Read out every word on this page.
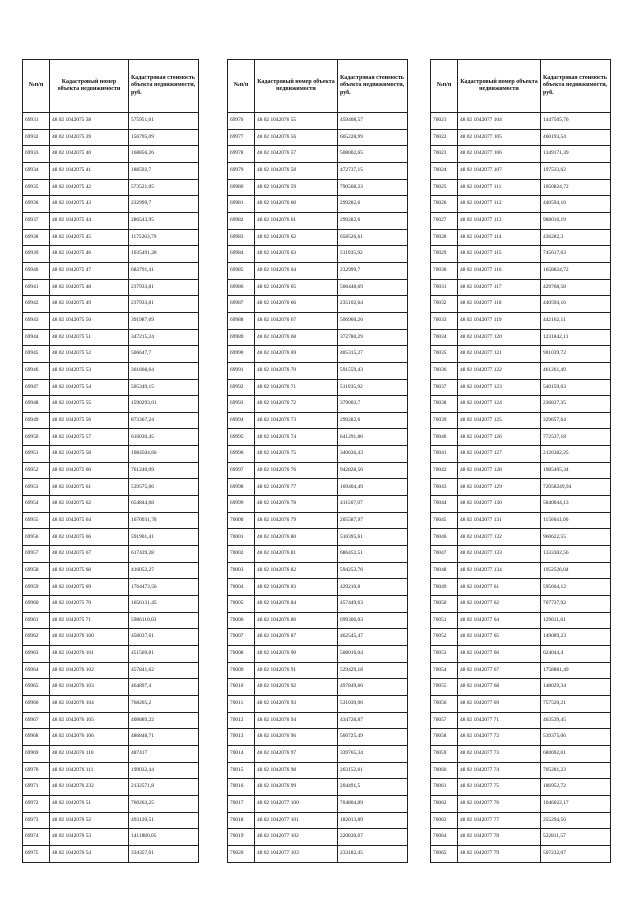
№п/п	Кадастровый номер объекта недвижимости	Кадастровая стоимость объекта недвижимости, руб.
69931	48 02 1042075 38	575951,01
69932	48 02 1042075 39	156795,09
69933	48 02 1042075 40	168856,26
69934	48 02 1042075 41	188592,7
69935	48 02 1042075 42	573521,05
69936	48 02 1042075 43	232999,7
69937	48 02 1042075 44	286543,95
69938	48 02 1042075 45	1175263,79
69939	48 02 1042075 46	1035491,28
69940	48 02 1042075 47	682791,41
69941	48 02 1042075 48	237933,81
69942	48 02 1042075 49	237933,81
69943	48 02 1042075 50	391987,69
69944	48 02 1042075 51	347215,24
69945	48 02 1042075 52	506647,7
69946	48 02 1042075 53	361668,64
69947	48 02 1042075 54	505349,15
69948	48 02 1042075 55	1590293,01
69949	48 02 1042075 56	873367,24
69950	48 02 1042075 57	616030,45
69951	48 02 1042075 58	1084504,66
69952	48 02 1042075 60	761240,09
69953	48 02 1042075 61	539575,06
69954	48 02 1042075 62	654844,68
69955	48 02 1042075 64	1670931,78
69956	48 02 1042075 66	591901,41
69957	48 02 1042075 67	617439,28
69958	48 02 1042075 68	416052,27
69959	48 02 1042075 69	1764473,56
69960	48 02 1042075 70	1656131,45
69961	48 02 1042075 71	5986110,03
69962	48 02 1042076 100	458037,61
69963	48 02 1042076 101	451569,81
69964	48 02 1042076 102	457841,62
69965	48 02 1042076 103	464897,4
69966	48 02 1042076 104	768205,2
69967	48 02 1042076 105	408889,22
69968	48 02 1042076 106	486848,71
69969	48 02 1042076 110	487417
69970	48 02 1042076 111	199032,44
69971	48 02 1042076 232	2132571,8
69972	48 02 1042076 51	760263,25
69973	48 02 1042076 52	493120,51
69974	48 02 1042076 53	1411880,05
69975	48 02 1042076 54	334357,61
№п/п	Кадастровый номер объекта недвижимости	Кадастровая стоимость объекта недвижимости, руб.
69976	48 02 1042076 55	459408,57
69977	48 02 1042076 56	605228,99
69978	48 02 1042076 57	508002,65
69979	48 02 1042076 58	472737,15
69980	48 02 1042076 59	790568,23
69981	48 02 1042076 60	299282,6
69982	48 02 1042076 61	299282,6
69983	48 02 1042076 62	658526,61
69984	48 02 1042076 63	511935,92
69985	48 02 1042076 64	232999,7
69986	48 02 1042076 65	506448,69
69987	48 02 1042076 66	235102,64
69988	48 02 1042076 67	506960,26
69989	48 02 1042076 68	372780,29
69990	48 02 1042076 69	405315,27
69991	48 02 1042076 70	591559,43
69992	48 02 1042076 71	511935,92
69993	48 02 1042076 72	379003,7
69994	48 02 1042076 73	299282,6
69995	48 02 1042076 74	641291,86
69996	48 02 1042076 75	340636,43
69997	48 02 1042076 76	942828,56
69998	48 02 1042076 77	169404,49
69999	48 02 1042076 78	411567,07
70000	48 02 1042076 79	205587,97
70001	48 02 1042076 80	510395,61
70002	48 02 1042076 81	686452,51
70003	48 02 1042076 82	594253,76
70004	48 02 1042076 83	429210,8
70005	48 02 1042076 84	457449,63
70006	48 02 1042076 86	699306,03
70007	48 02 1042076 87	462545,47
70008	48 02 1042076 90	508016,04
70009	48 02 1042076 91	529429,18
70010	48 02 1042076 92	497849,66
70011	48 02 1042076 93	531039,96
70012	48 02 1042076 94	434728,87
70013	48 02 1042076 96	560725,49
70014	48 02 1042076 97	339765,34
70015	48 02 1042076 98	263152,61
70016	48 02 1042076 99	204491,5
70017	48 02 1042077 100	704804,89
70018	48 02 1042077 101	182013,89
70019	48 02 1042077 102	220830,07
70020	48 02 1042077 103	233182,45
№п/п	Кадастровый номер объекта недвижимости	Кадастровая стоимость объекта недвижимости, руб.
70021	48 02 1042077 104	1447505,76
70022	48 02 1042077 105	460193,54
70023	48 02 1042077 106	1349171,39
70024	48 02 1042077 107	197533,62
70025	48 02 1042077 111	1050824,72
70026	48 02 1042077 112	440594,16
70027	48 02 1042077 113	988016,19
70028	48 02 1042077 114	436282,3
70029	48 02 1042077 115	745617,03
70030	48 02 1042077 116	1658824,72
70031	48 02 1042077 117	429768,58
70032	48 02 1042077 118	440594,16
70033	48 02 1042077 119	442162,11
70034	48 02 1042077 120	1231842,11
70035	48 02 1042077 121	901039,72
70036	48 02 1042077 122	461261,49
70037	48 02 1042077 123	540159,03
70038	48 02 1042077 124	236837,35
70039	48 02 1042077 125	329657,64
70040	48 02 1042077 126	772537,18
70041	48 02 1042077 127	2126382,25
70042	48 02 1042077 128	1985405,34
70043	48 02 1042077 129	72058249,94
70044	48 02 1042077 130	5840044,13
70045	48 02 1042077 131	1156041,06
70046	48 02 1042077 132	960622,55
70047	48 02 1042077 133	1333302,56
70048	48 02 1042077 134	1952526,04
70049	48 02 1042077 61	595664,12
70050	48 02 1042077 62	707737,92
70051	48 02 1042077 64	129611,61
70052	48 02 1042077 65	149089,23
70053	48 02 1042077 66	624044,4
70054	48 02 1042077 67	1758881,49
70055	48 02 1042077 68	148029,34
70056	48 02 1042077 69	757520,21
70057	48 02 1042077 71	463539,45
70058	48 02 1042077 72	539375,06
70059	48 02 1042077 73	680692,61
70060	48 02 1042077 74	705281,23
70061	48 02 1042077 75	186952,72
70062	48 02 1042077 76	1046022,17
70063	48 02 1042077 77	255294,56
70064	48 02 1042077 78	522811,57
70065	48 02 1042077 79	507232,07
